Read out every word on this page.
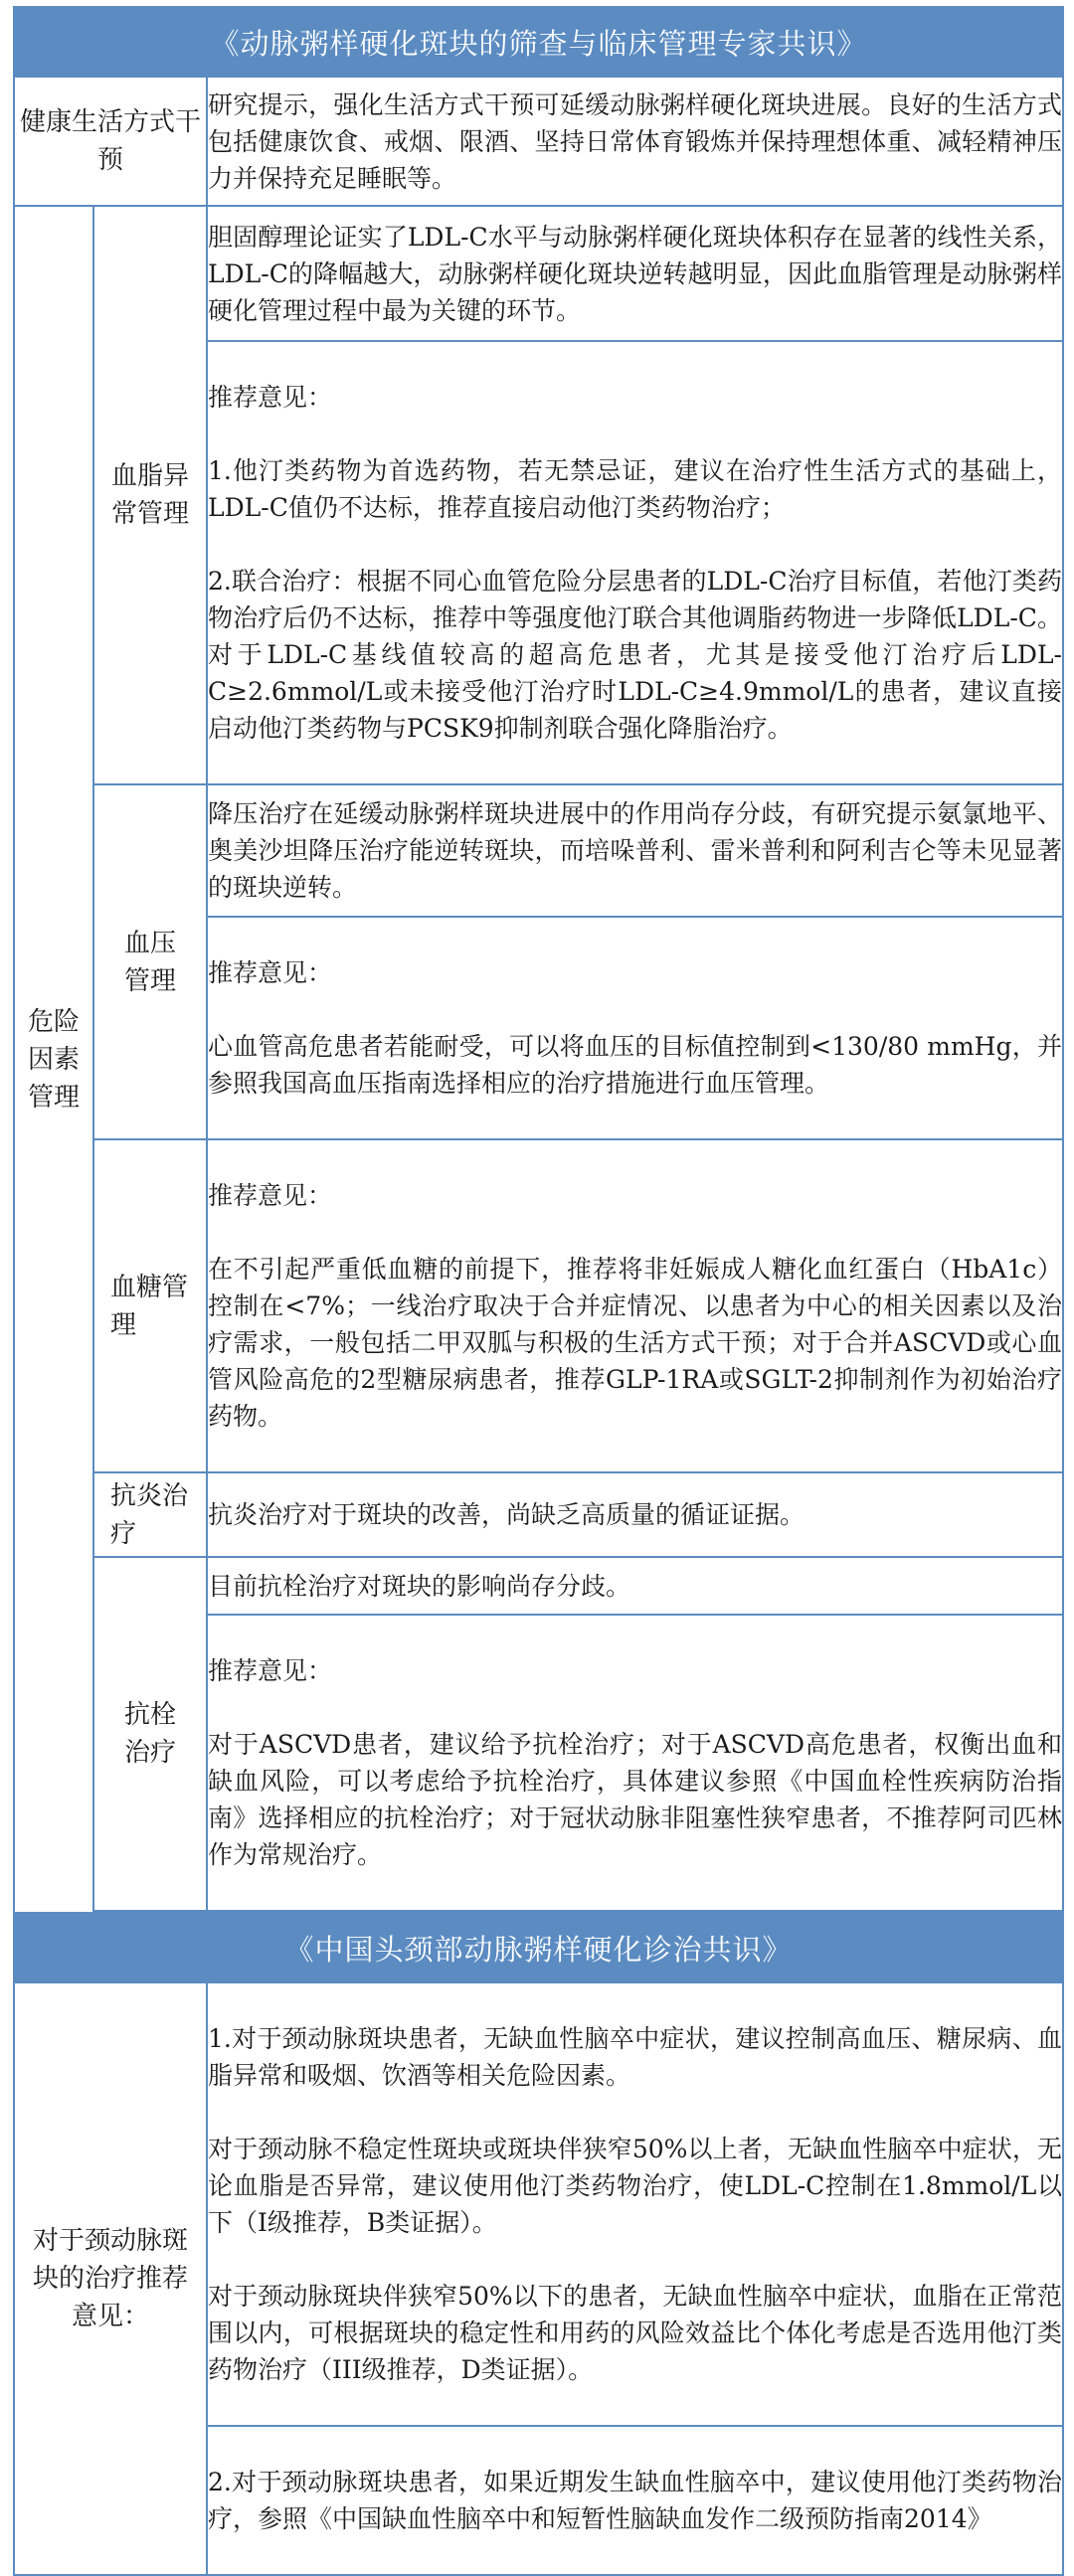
《动脉粥样硬化斑块的筛查与临床管理专家共识》		
健康生活方式干预		研究提示，强化生活方式干预可延缓动脉粥样硬化斑块进展。良好的生活方式包括健康饮食、戒烟、限酒、坚持日常体育锻炼并保持理想体重、减轻精神压力并保持充足睡眠等。
危险因素管理	血脂异常管理	胆固醇理论证实了LDL-C水平与动脉粥样硬化斑块体积存在显著的线性关系，LDL-C的降幅越大，动脉粥样硬化斑块逆转越明显，因此血脂管理是动脉粥样硬化管理过程中最为关键的环节。

		推荐意见：

1.他汀类药物为首选药物，若无禁忌证，建议在治疗性生活方式的基础上，LDL-C值仍不达标，推荐直接启动他汀类药物治疗；

2.联合治疗：根据不同心血管危险分层患者的LDL-C治疗目标值，若他汀类药物治疗后仍不达标，推荐中等强度他汀联合其他调脂药物进一步降低LDL-C。对于LDL-C基线值较高的超高危患者，尤其是接受他汀治疗后LDL-C≥2.6mmol/L或未接受他汀治疗时LDL-C≥4.9mmol/L的患者，建议直接启动他汀类药物与PCSK9抑制剂联合强化降脂治疗。

	血压管理	降压治疗在延缓动脉粥样斑块进展中的作用尚存分歧，有研究提示氨氯地平、奥美沙坦降压治疗能逆转斑块，而培哚普利、雷米普利和阿利吉仑等未见显著的斑块逆转。

		推荐意见：

心血管高危患者若能耐受，可以将血压的目标值控制到<130/80 mmHg，并参照我国高血压指南选择相应的治疗措施进行血压管理。

	血糖管理	推荐意见：

在不引起严重低血糖的前提下，推荐将非妊娠成人糖化血红蛋白（HbA1c）控制在<7%；一线治疗取决于合并症情况、以患者为中心的相关因素以及治疗需求，一般包括二甲双胍与积极的生活方式干预；对于合并ASCVD或心血管风险高危的2型糖尿病患者，推荐GLP-1RA或SGLT-2抑制剂作为初始治疗药物。

	抗炎治疗	抗炎治疗对于斑块的改善，尚缺乏高质量的循证证据。
	抗栓治疗	目前抗栓治疗对斑块的影响尚存分歧。

		推荐意见：

对于ASCVD患者，建议给予抗栓治疗；对于ASCVD高危患者，权衡出血和缺血风险，可以考虑给予抗栓治疗，具体建议参照《中国血栓性疾病防治指南》选择相应的抗栓治疗；对于冠状动脉非阻塞性狭窄患者，不推荐阿司匹林作为常规治疗。

《中国头颈部动脉粥样硬化诊治共识》		
对于颈动脉斑块的治疗推荐意见：		1.对于颈动脉斑块患者，无缺血性脑卒中症状，建议控制高血压、糖尿病、血脂异常和吸烟、饮酒等相关危险因素。

对于颈动脉不稳定性斑块或斑块伴狭窄50%以上者，无缺血性脑卒中症状，无论血脂是否异常，建议使用他汀类药物治疗，使LDL-C控制在1.8mmol/L以下（I级推荐，B类证据）。

对于颈动脉斑块伴狭窄50%以下的患者，无缺血性脑卒中症状，血脂在正常范围以内，可根据斑块的稳定性和用药的风险效益比个体化考虑是否选用他汀类药物治疗（III级推荐，D类证据）。

		2.对于颈动脉斑块患者，如果近期发生缺血性脑卒中，建议使用他汀类药物治疗，参照《中国缺血性脑卒中和短暂性脑缺血发作二级预防指南2014》
